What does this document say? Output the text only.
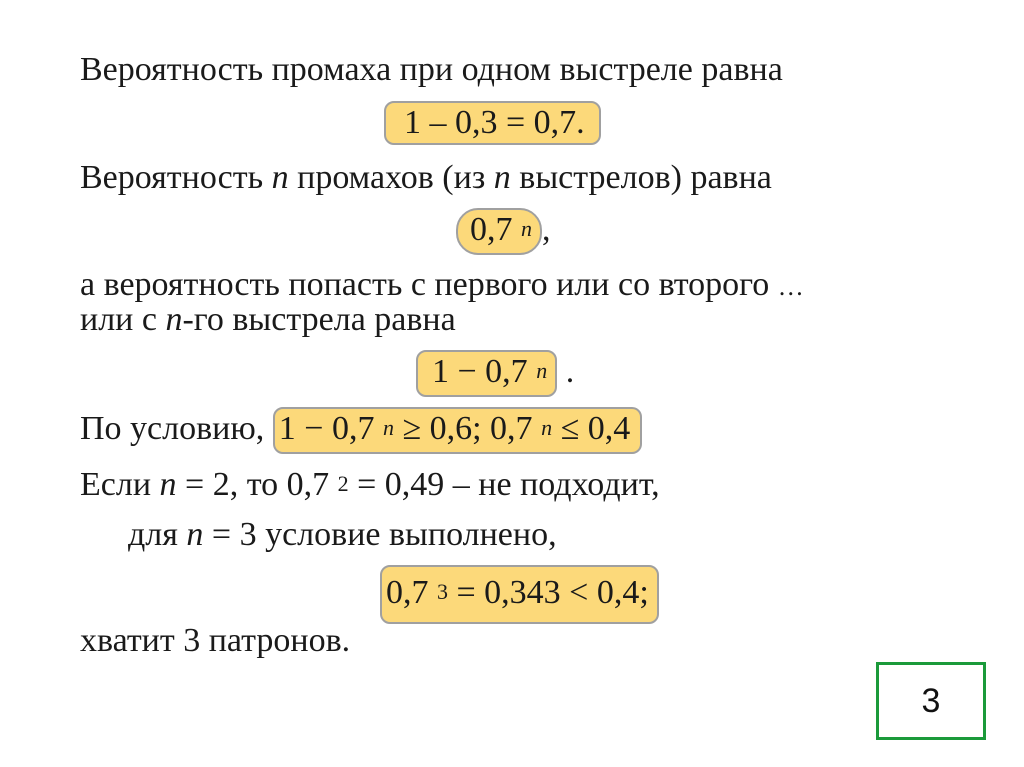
Вероятность промаха при одном выстреле равна
1 – 0,3 = 0,7.
Вероятность n промахов (из n выстрелов) равна
0,7 $^n$ ,
а вероятность попасть с первого или со второго …
или с n-го выстрела равна
1 − 0,7 $^n$ .
По условию, 1 − 0,7 $^n$ ≥ 0,6; 0,7 $^n$ ≤ 0,4
Если n = 2, то 0,7 $^2$ = 0,49 – не подходит,
для n = 3 условие выполнено,
0,7 $^3$ = 0,343 < 0,4;
хватит 3 патронов.
3
